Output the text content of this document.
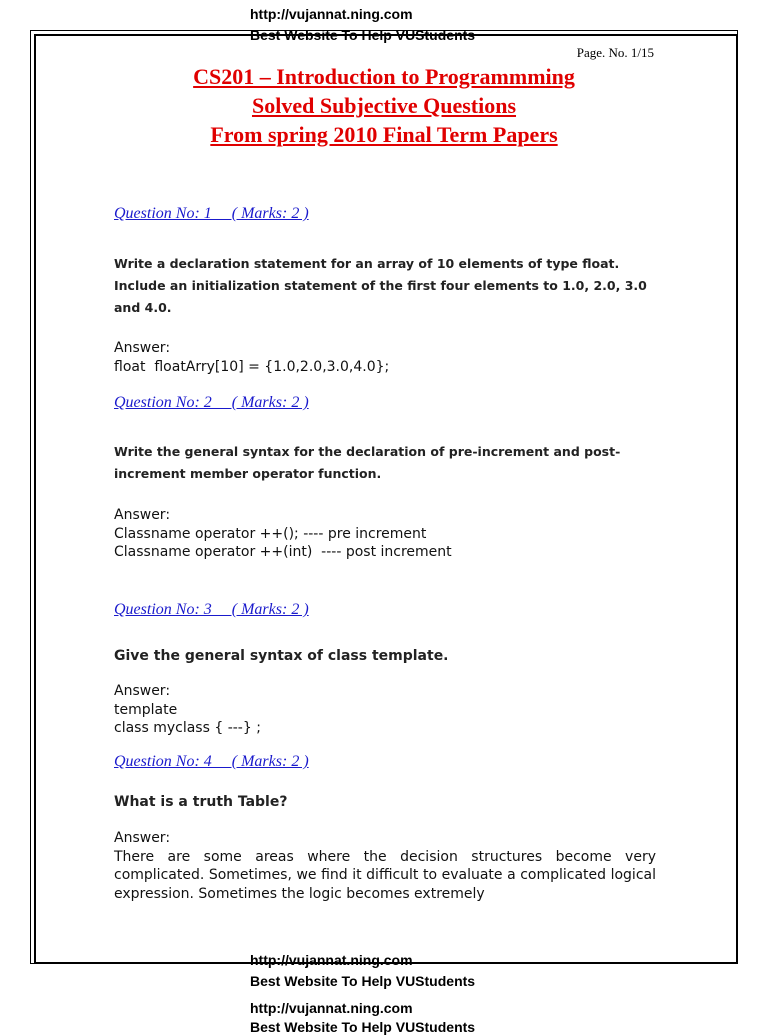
http://vujannat.ning.com
Best Website To Help VUStudents
Page. No. 1/15
CS201 – Introduction to Programmming
Solved Subjective Questions
From spring 2010 Final Term Papers
Question No: 1     ( Marks: 2 )
Write a declaration statement for an array of 10 elements of type float. Include an initialization statement of the first four elements to 1.0, 2.0, 3.0 and 4.0.
Answer:
float  floatArry[10] = {1.0,2.0,3.0,4.0};
Question No: 2     ( Marks: 2 )
Write the general syntax for the declaration of pre-increment and post-increment member operator function.
Answer:
Classname operator ++(); ---- pre increment
Classname operator ++(int)  ---- post increment
Question No: 3     ( Marks: 2 )
Give the general syntax of class template.
Answer:
template
class myclass { ---} ;
Question No: 4     ( Marks: 2 )
What is a truth Table?
Answer:
There are some areas where the decision structures become very complicated. Sometimes, we find it difficult to evaluate a complicated logical expression. Sometimes the logic becomes extremely
http://vujannat.ning.com
Best Website To Help VUStudents
http://vujannat.ning.com
Best Website To Help VUStudents
